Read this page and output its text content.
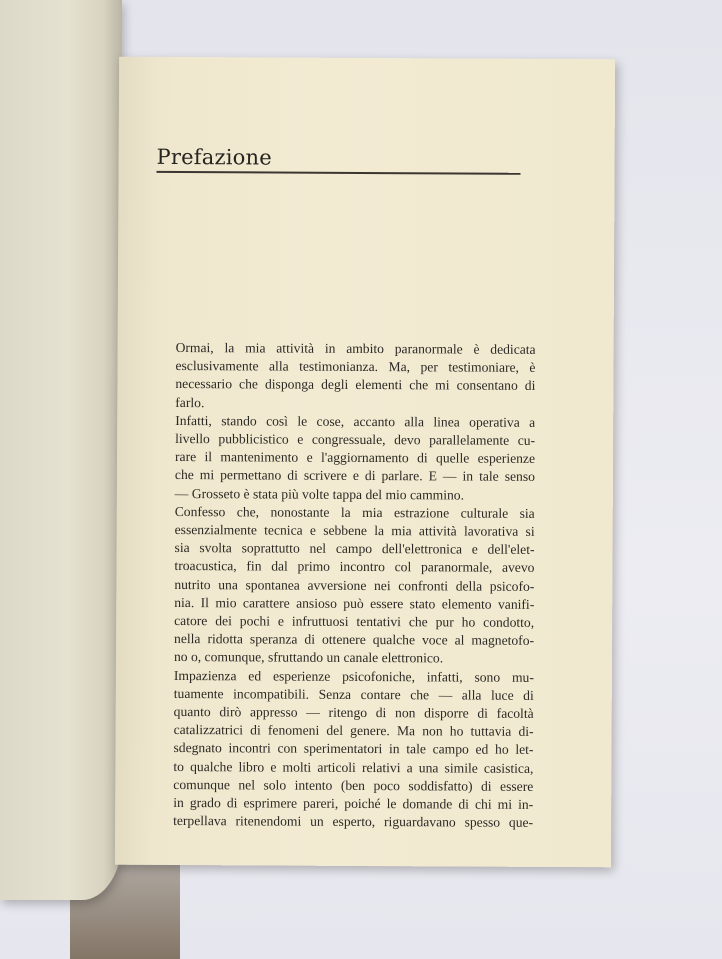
Prefazione
Ormai, la mia attività in ambito paranormale è dedicata
esclusivamente alla testimonianza. Ma, per testimoniare, è
necessario che disponga degli elementi che mi consentano di
farlo.
Infatti, stando così le cose, accanto alla linea operativa a
livello pubblicistico e congressuale, devo parallelamente cu-
rare il mantenimento e l'aggiornamento di quelle esperienze
che mi permettano di scrivere e di parlare. E — in tale senso
— Grosseto è stata più volte tappa del mio cammino.
Confesso che, nonostante la mia estrazione culturale sia
essenzialmente tecnica e sebbene la mia attività lavorativa si
sia svolta soprattutto nel campo dell'elettronica e dell'elet-
troacustica, fin dal primo incontro col paranormale, avevo
nutrito una spontanea avversione nei confronti della psicofo-
nia. Il mio carattere ansioso può essere stato elemento vanifi-
catore dei pochi e infruttuosi tentativi che pur ho condotto,
nella ridotta speranza di ottenere qualche voce al magnetofo-
no o, comunque, sfruttando un canale elettronico.
Impazienza ed esperienze psicofoniche, infatti, sono mu-
tuamente incompatibili. Senza contare che — alla luce di
quanto dirò appresso — ritengo di non disporre di facoltà
catalizzatrici di fenomeni del genere. Ma non ho tuttavia di-
sdegnato incontri con sperimentatori in tale campo ed ho let-
to qualche libro e molti articoli relativi a una simile casistica,
comunque nel solo intento (ben poco soddisfatto) di essere
in grado di esprimere pareri, poiché le domande di chi mi in-
terpellava ritenendomi un esperto, riguardavano spesso que-
